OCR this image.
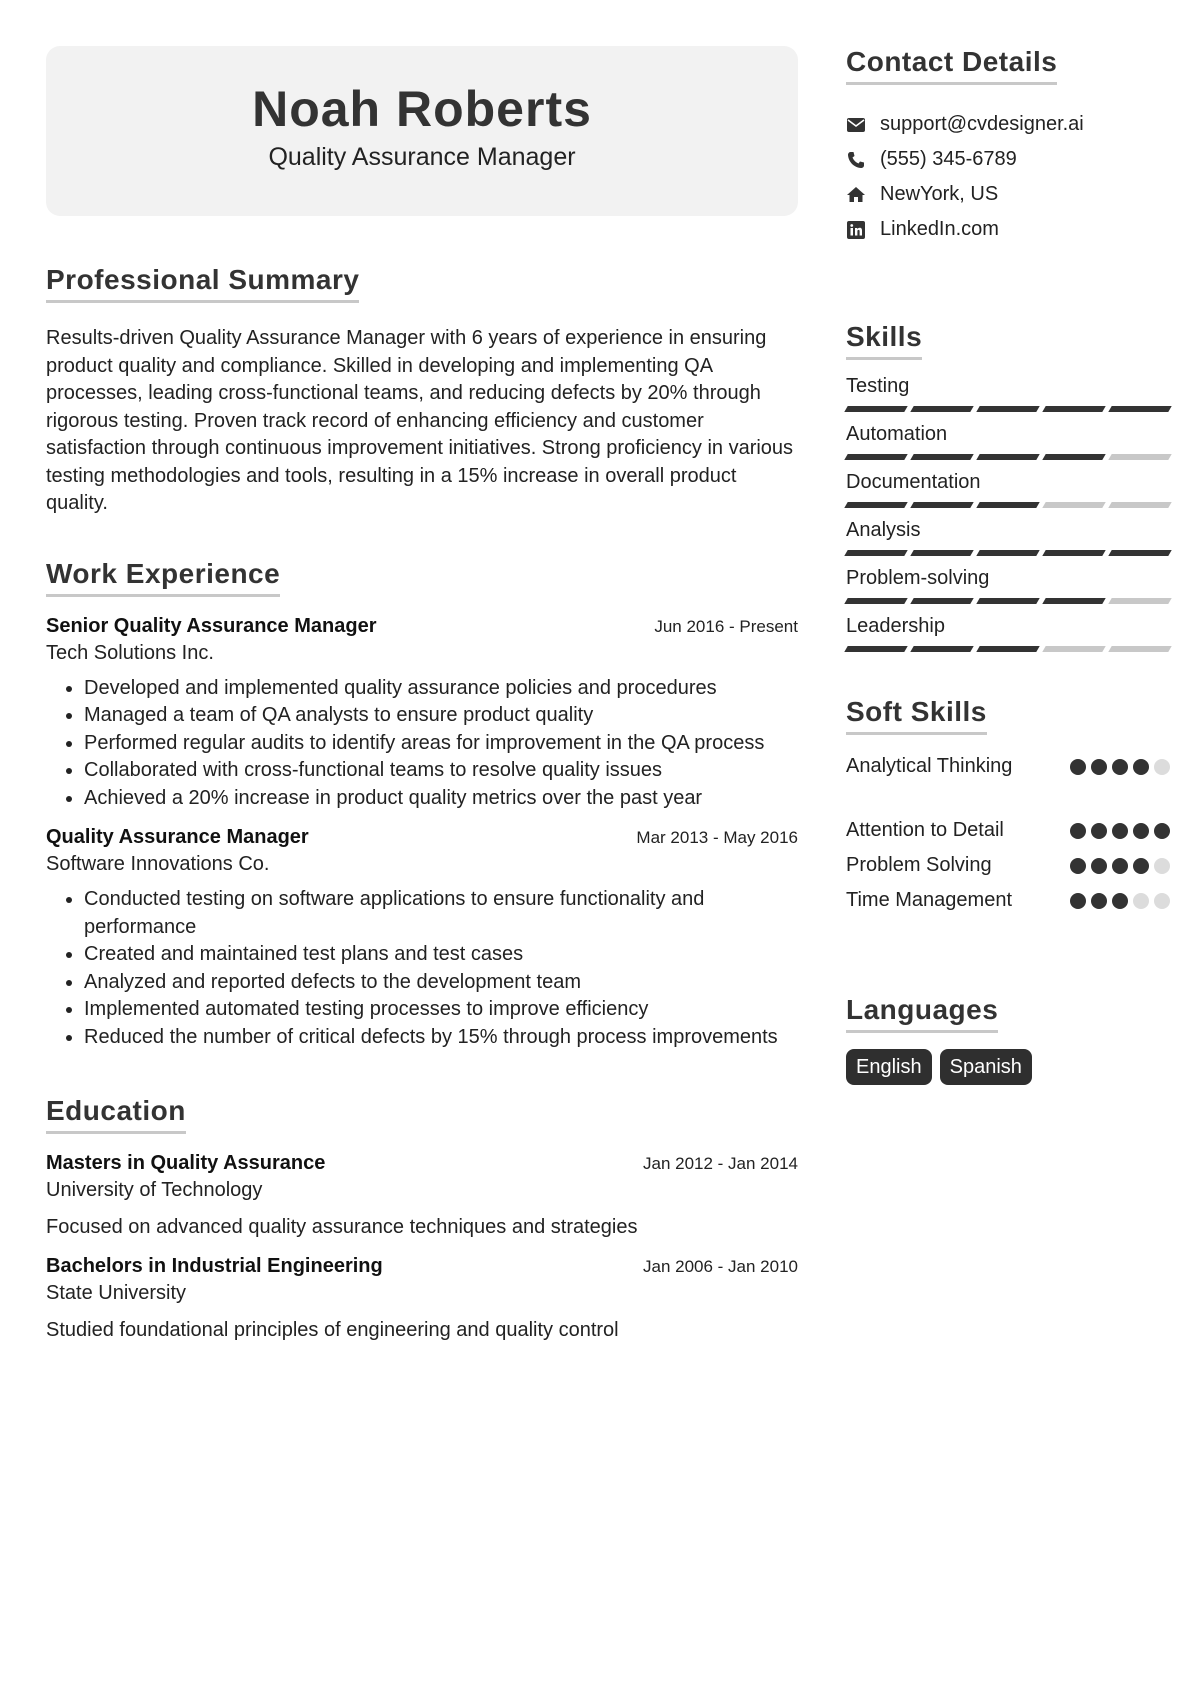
Noah Roberts
Quality Assurance Manager
Professional Summary

Results-driven Quality Assurance Manager with 6 years of experience in ensuring product quality and compliance. Skilled in developing and implementing QA processes, leading cross-functional teams, and reducing defects by 20% through rigorous testing. Proven track record of enhancing efficiency and customer satisfaction through continuous improvement initiatives. Strong proficiency in various testing methodologies and tools, resulting in a 15% increase in overall product quality.

Work Experience
Senior Quality Assurance Manager	Jun 2016 - Present
Tech Solutions Inc.
• Developed and implemented quality assurance policies and procedures
• Managed a team of QA analysts to ensure product quality
• Performed regular audits to identify areas for improvement in the QA process
• Collaborated with cross-functional teams to resolve quality issues
• Achieved a 20% increase in product quality metrics over the past year
Quality Assurance Manager	Mar 2013 - May 2016
Software Innovations Co.
• Conducted testing on software applications to ensure functionality and performance
• Created and maintained test plans and test cases
• Analyzed and reported defects to the development team
• Implemented automated testing processes to improve efficiency
• Reduced the number of critical defects by 15% through process improvements
Education
Masters in Quality Assurance	Jan 2012 - Jan 2014
University of Technology
Focused on advanced quality assurance techniques and strategies
Bachelors in Industrial Engineering	Jan 2006 - Jan 2010
State University
Studied foundational principles of engineering and quality control
Contact Details
support@cvdesigner.ai
(555) 345-6789
NewYork, US
LinkedIn.com
Skills
Testing
Automation
Documentation
Analysis
Problem-solving
Leadership
Soft Skills
Analytical Thinking
Attention to Detail
Problem Solving
Time Management
Languages
English	Spanish
